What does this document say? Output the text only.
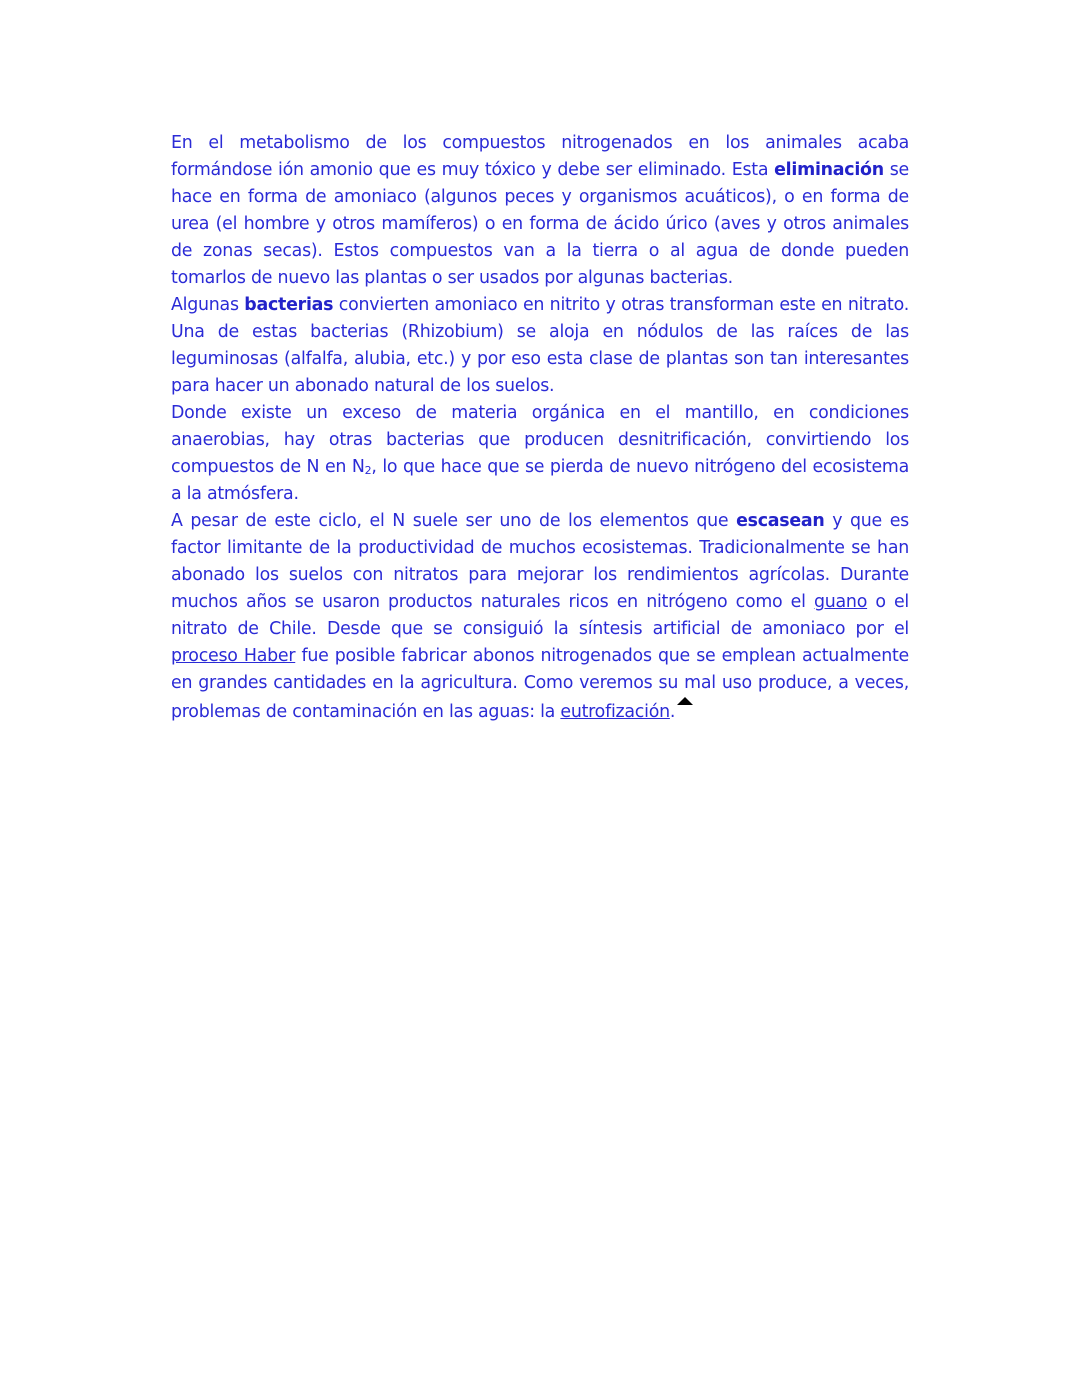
En el metabolismo de los compuestos nitrogenados en los animales acaba formándose ión amonio que es muy tóxico y debe ser eliminado. Esta eliminación se hace en forma de amoniaco (algunos peces y organismos acuáticos), o en forma de urea (el hombre y otros mamíferos) o en forma de ácido úrico (aves y otros animales de zonas secas). Estos compuestos van a la tierra o al agua de donde pueden tomarlos de nuevo las plantas o ser usados por algunas bacterias.

Algunas bacterias convierten amoniaco en nitrito y otras transforman este en nitrato. Una de estas bacterias (Rhizobium) se aloja en nódulos de las raíces de las leguminosas (alfalfa, alubia, etc.) y por eso esta clase de plantas son tan interesantes para hacer un abonado natural de los suelos.

Donde existe un exceso de materia orgánica en el mantillo, en condiciones anaerobias, hay otras bacterias que producen desnitrificación, convirtiendo los compuestos de N en $N_2$, lo que hace que se pierda de nuevo nitrógeno del ecosistema a la atmósfera.

A pesar de este ciclo, el N suele ser uno de los elementos que escasean y que es factor limitante de la productividad de muchos ecosistemas. Tradicionalmente se han abonado los suelos con nitratos para mejorar los rendimientos agrícolas. Durante muchos años se usaron productos naturales ricos en nitrógeno como el guano o el nitrato de Chile. Desde que se consiguió la síntesis artificial de amoniaco por el proceso Haber fue posible fabricar abonos nitrogenados que se emplean actualmente en grandes cantidades en la agricultura. Como veremos su mal uso produce, a veces, problemas de contaminación en las aguas: la eutrofización.
